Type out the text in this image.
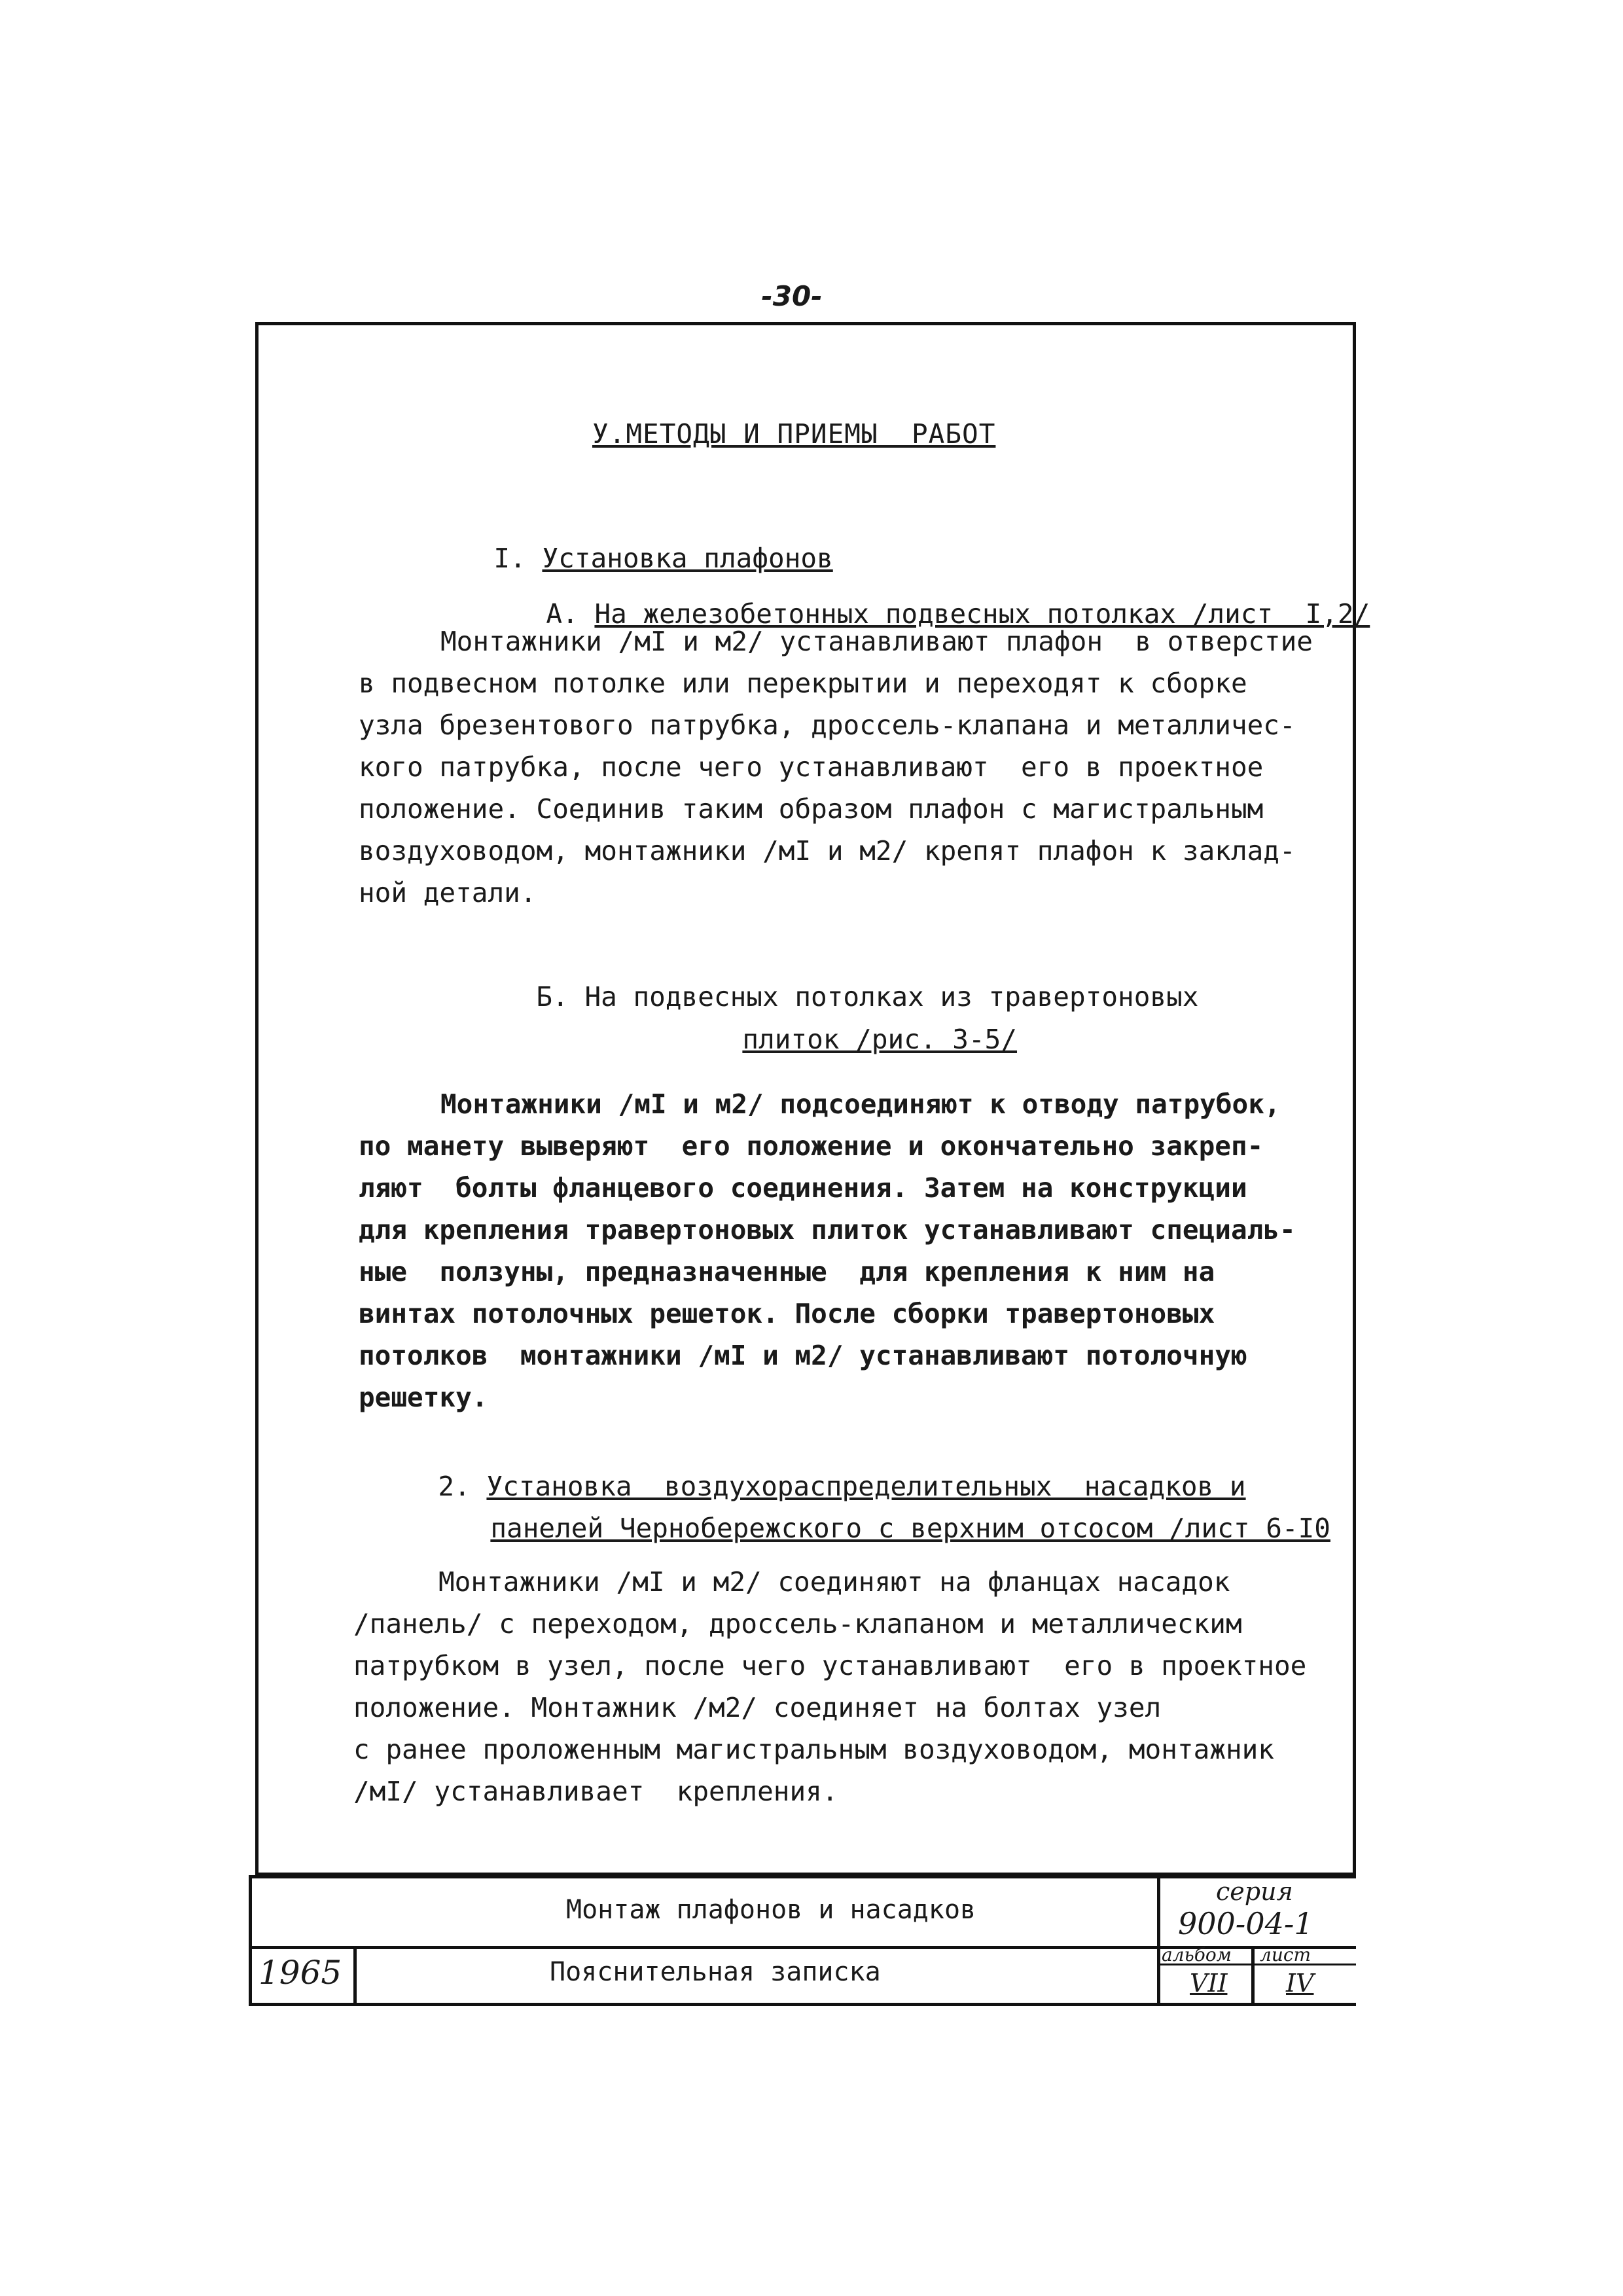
-30-
У.МЕТОДЫ И ПРИЕМЫ  РАБОТ

I. Установка плафонов

А. На железобетонных подвесных потолках /лист  I,2/

Монтажники /мI и м2/ устанавливают плафон  в отверстие
в подвесном потолке или перекрытии и переходят к сборке
узла брезентового патрубка, дроссель-клапана и металличес-
кого патрубка, после чего устанавливают  его в проектное
положение. Соединив таким образом плафон с магистральным
воздуховодом, монтажники /мI и м2/ крепят плафон к заклад-
ной детали.

Б. На подвесных потолках из травертоновых

плиток /рис. 3-5/

Монтажники /мI и м2/ подсоединяют к отводу патрубок,
по манету выверяют  его положение и окончательно закреп-
ляют  болты фланцевого соединения. Затем на конструкции
для крепления травертоновых плиток устанавливают специаль-
ные  ползуны, предназначенные  для крепления к ним на
винтах потолочных решеток. После сборки травертоновых
потолков  монтажники /мI и м2/ устанавливают потолочную
решетку.

2. Установка  воздухораспределительных  насадков и

панелей Чернобережского с верхним отсосом /лист 6-I0

Монтажники /мI и м2/ соединяют на фланцах насадок
/панель/ с переходом, дроссель-клапаном и металлическим
патрубком в узел, после чего устанавливают  его в проектное
положение. Монтажник /м2/ соединяет на болтах узел
с ранее проложенным магистральным воздуховодом, монтажник
/мI/ устанавливает  крепления.
Монтаж плафонов и насадков
Пояснительная записка
1965
серия
900-04-1
альбом лист
VII IV
